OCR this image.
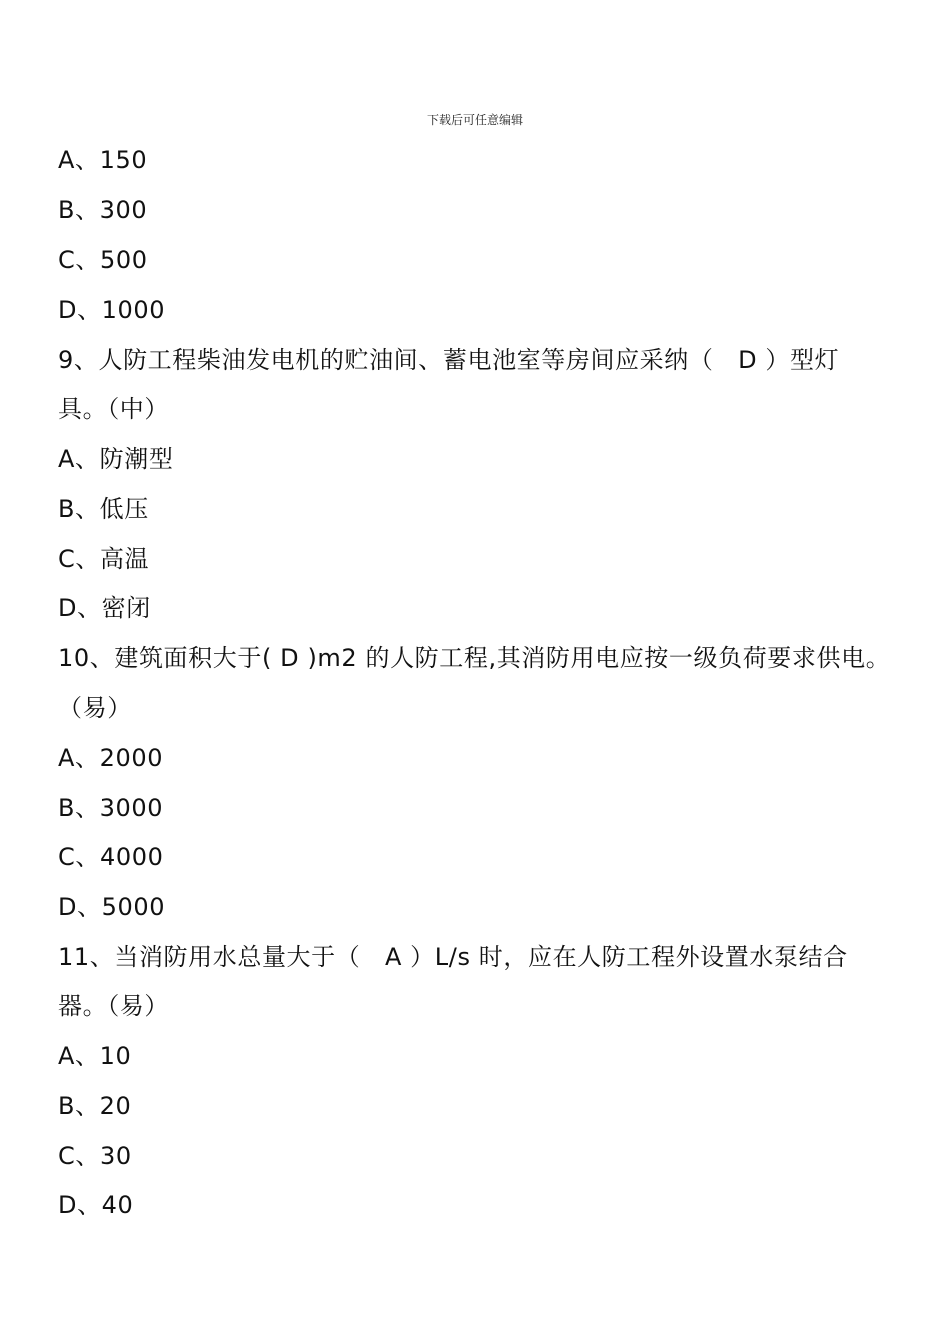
下载后可任意编辑
A、150
B、300
C、500
D、1000
9、人防工程柴油发电机的贮油间、蓄电池室等房间应采纳（　D ）型灯
具。（中）
A、防潮型
B、低压
C、高温
D、密闭
10、建筑面积大于( D )m2 的人防工程,其消防用电应按一级负荷要求供电。
（易）
A、2000
B、3000
C、4000
D、5000
11、当消防用水总量大于（　A ）L/s 时，应在人防工程外设置水泵结合
器。（易）
A、10
B、20
C、30
D、40
